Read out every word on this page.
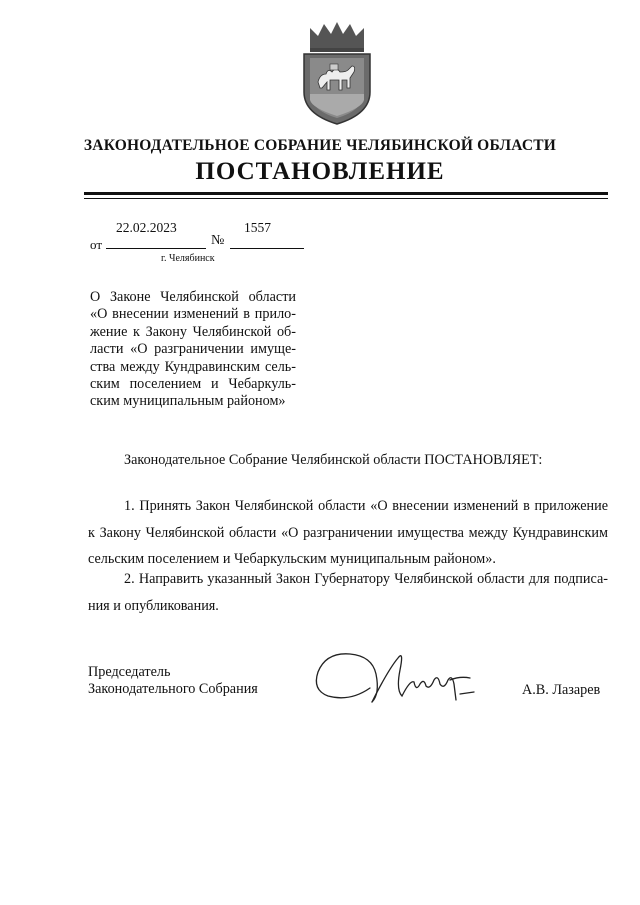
ЗАКОНОДАТЕЛЬНОЕ СОБРАНИЕ ЧЕЛЯБИНСКОЙ ОБЛАСТИ
ПОСТАНОВЛЕНИЕ
22.02.2023	1557
от	№
г. Челябинск
О Законе Челябинской области «О внесении изменений в прило-жение к Закону Челябинской об-ласти «О разграничении имуще-ства между Кундравинским сель-ским поселением и Чебаркуль-ским муниципальным районом»
Законодательное Собрание Челябинской области ПОСТАНОВЛЯЕТ:
1. Принять Закон Челябинской области «О внесении изменений в приложение к Закону Челябинской области «О разграничении имущества между Кундравинским сельским поселением и Чебаркульским муниципальным районом».
2. Направить указанный Закон Губернатору Челябинской области для подписа-ния и опубликования.
Председатель
Законодательного Собрания	А.В. Лазарев
